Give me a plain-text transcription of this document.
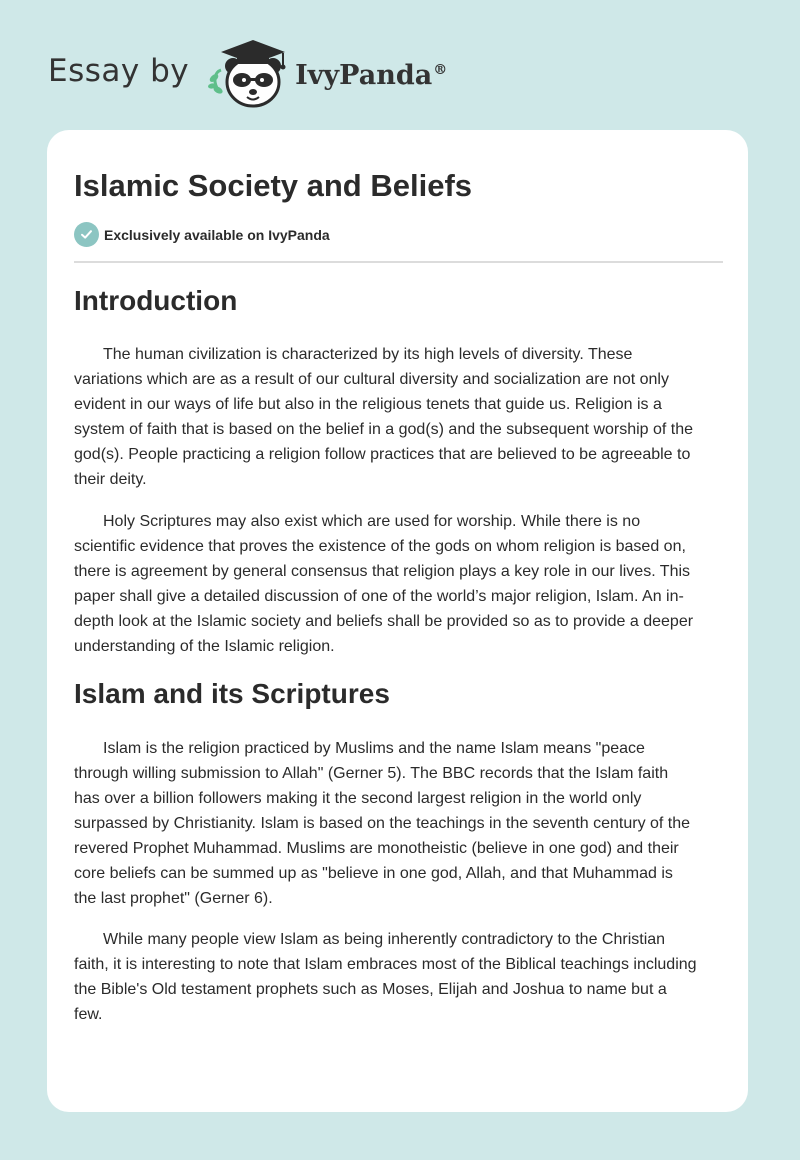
Essay by	IvyPanda®
Islamic Society and Beliefs
Exclusively available on IvyPanda
Introduction

The human civilization is characterized by its high levels of diversity. These
variations which are as a result of our cultural diversity and socialization are not only
evident in our ways of life but also in the religious tenets that guide us. Religion is a
system of faith that is based on the belief in a god(s) and the subsequent worship of the
god(s). People practicing a religion follow practices that are believed to be agreeable to
their deity.

Holy Scriptures may also exist which are used for worship. While there is no
scientific evidence that proves the existence of the gods on whom religion is based on,
there is agreement by general consensus that religion plays a key role in our lives. This
paper shall give a detailed discussion of one of the world’s major religion, Islam. An in-
depth look at the Islamic society and beliefs shall be provided so as to provide a deeper
understanding of the Islamic religion.

Islam and its Scriptures

Islam is the religion practiced by Muslims and the name Islam means "peace
through willing submission to Allah" (Gerner 5). The BBC records that the Islam faith
has over a billion followers making it the second largest religion in the world only
surpassed by Christianity. Islam is based on the teachings in the seventh century of the
revered Prophet Muhammad. Muslims are monotheistic (believe in one god) and their
core beliefs can be summed up as "believe in one god, Allah, and that Muhammad is
the last prophet" (Gerner 6).

While many people view Islam as being inherently contradictory to the Christian
faith, it is interesting to note that Islam embraces most of the Biblical teachings including
the Bible's Old testament prophets such as Moses, Elijah and Joshua to name but a
few.
